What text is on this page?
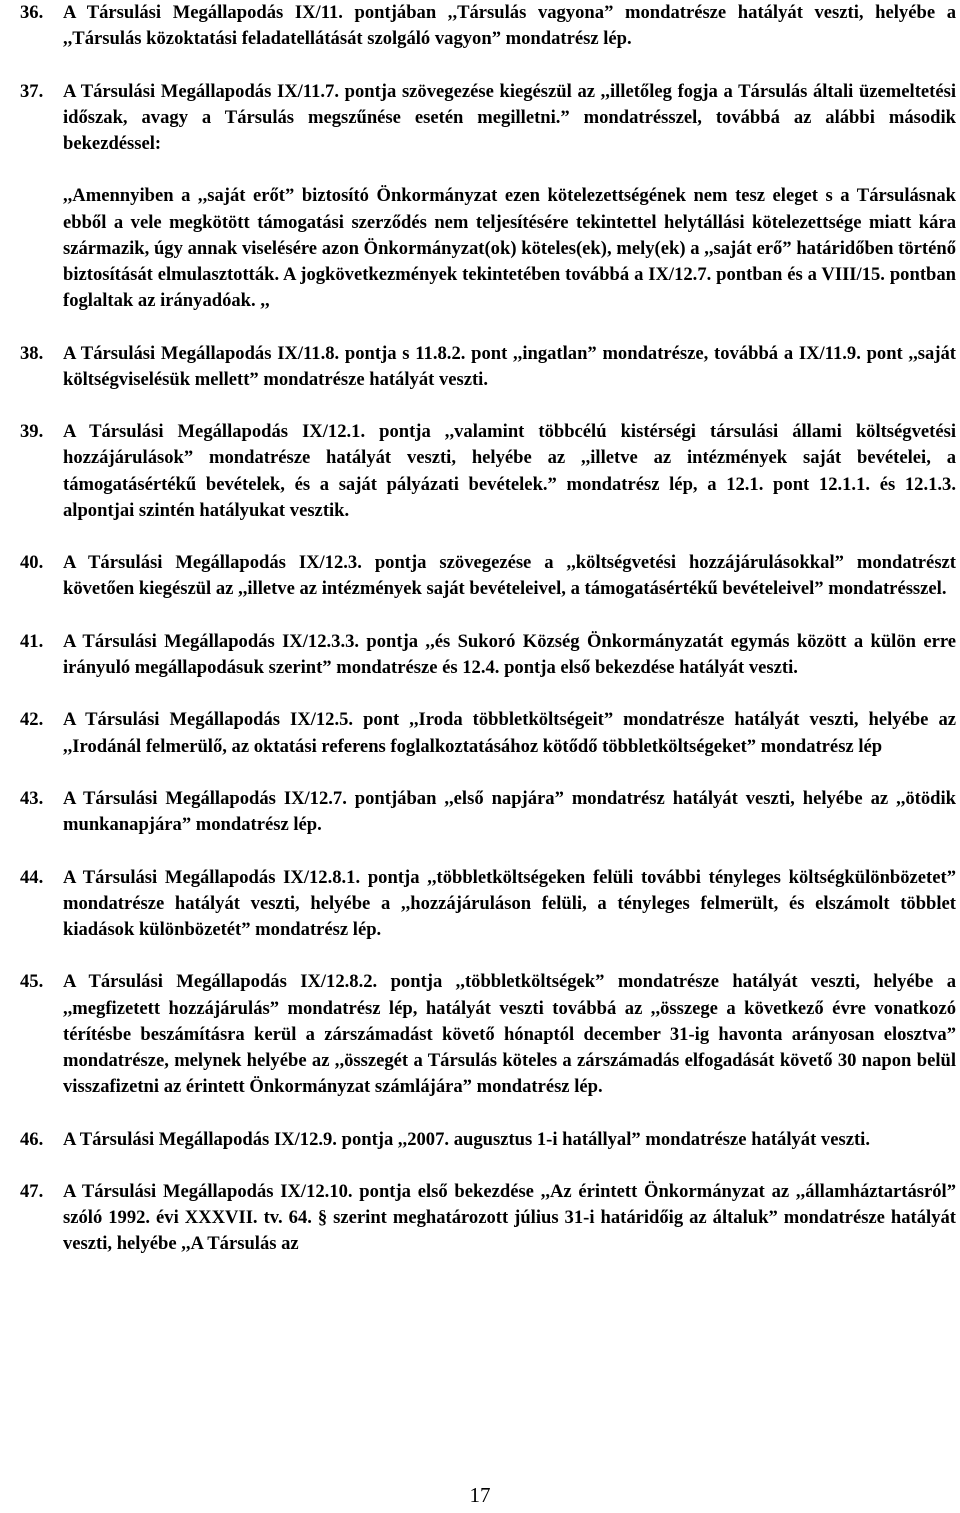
36.	A Társulási Megállapodás IX/11. pontjában ,,Társulás vagyona” mondatrésze hatályát veszti, helyébe a ,,Társulás közoktatási feladatellátását szolgáló vagyon” mondatrész lép.

37.	A Társulási Megállapodás IX/11.7. pontja szövegezése kiegészül az ,,illetőleg fogja a Társulás általi üzemeltetési időszak, avagy a Társulás megszűnése esetén megilletni.” mondatrésszel, továbbá az alábbi második bekezdéssel:

,,Amennyiben a ,,saját erőt” biztosító Önkormányzat ezen kötelezettségének nem tesz eleget s a Társulásnak ebből a vele megkötött támogatási szerződés nem teljesítésére tekintettel helytállási kötelezettsége miatt kára származik, úgy annak viselésére azon Önkormányzat(ok) köteles(ek), mely(ek) a ,,saját erő” határidőben történő biztosítását elmulasztották. A jogkövetkezmények tekintetében továbbá a IX/12.7. pontban és a VIII/15. pontban foglaltak az irányadóak. ,,

38.	A Társulási Megállapodás IX/11.8. pontja s 11.8.2. pont ,,ingatlan” mondatrésze, továbbá a IX/11.9. pont ,,saját költségviselésük mellett” mondatrésze hatályát veszti.

39.	A Társulási Megállapodás IX/12.1. pontja ,,valamint többcélú kistérségi társulási állami költségvetési hozzájárulások” mondatrésze hatályát veszti, helyébe az ,,illetve az intézmények saját bevételei, a támogatásértékű bevételek, és a saját pályázati bevételek.” mondatrész lép, a 12.1. pont 12.1.1. és 12.1.3. alpontjai szintén hatályukat vesztik.

40.	A Társulási Megállapodás IX/12.3. pontja szövegezése a ,,költségvetési hozzájárulásokkal” mondatrészt követően kiegészül az ,,illetve az intézmények saját bevételeivel, a támogatásértékű bevételeivel” mondatrésszel.

41.	A Társulási Megállapodás IX/12.3.3. pontja ,,és Sukoró Község Önkormányzatát egymás között a külön erre irányuló megállapodásuk szerint” mondatrésze és 12.4. pontja első bekezdése hatályát veszti.

42.	A Társulási Megállapodás IX/12.5. pont ,,Iroda többletköltségeit” mondatrésze hatályát veszti, helyébe az ,,Irodánál felmerülő, az oktatási referens foglalkoztatásához kötődő többletköltségeket” mondatrész lép

43.	A Társulási Megállapodás IX/12.7. pontjában ,,első napjára” mondatrész hatályát veszti, helyébe az ,,ötödik munkanapjára” mondatrész lép.

44.	A Társulási Megállapodás IX/12.8.1. pontja ,,többletköltségeken felüli további tényleges költségkülönbözetet” mondatrésze hatályát veszti, helyébe a ,,hozzájáruláson felüli, a tényleges felmerült, és elszámolt többlet kiadások különbözetét” mondatrész lép.

45.	A Társulási Megállapodás IX/12.8.2. pontja ,,többletköltségek” mondatrésze hatályát veszti, helyébe a ,,megfizetett hozzájárulás” mondatrész lép, hatályát veszti továbbá az ,,összege a következő évre vonatkozó térítésbe beszámításra kerül a zárszámadást követő hónaptól december 31-ig havonta arányosan elosztva” mondatrésze, melynek helyébe az ,,összegét a Társulás köteles a zárszámadás elfogadását követő 30 napon belül visszafizetni az érintett Önkormányzat számlájára” mondatrész lép.

46.	A Társulási Megállapodás IX/12.9. pontja ,,2007. augusztus 1-i hatállyal” mondatrésze hatályát veszti.

47.	A Társulási Megállapodás IX/12.10. pontja első bekezdése ,,Az érintett Önkormányzat az ,,államháztartásról” szóló 1992. évi XXXVII. tv. 64. § szerint meghatározott július 31-i határidőig az általuk” mondatrésze hatályát veszti, helyébe ,,A Társulás az

17
